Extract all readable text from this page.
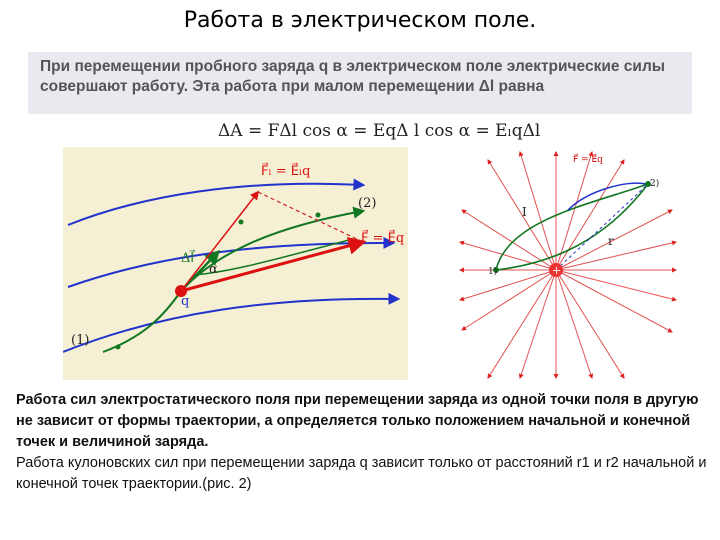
Работа в электрическом поле.
При перемещении пробного заряда q в электрическом поле электрические силы совершают работу. Эта работа при малом перемещении Δl равна
ΔA = FΔl cos α = EqΔ l cos α = EₗqΔl
F⃗ₗ = E⃗ₗq
F⃗ = E⃗q
Δl⃗
α
q
(1)
(2)
+
F⃗ = E⃗q
I
r
1)
2)

Работа сил электростатического поля при перемещении заряда из одной точки поля в другую не зависит от формы траектории, а определяется только положением начальной и конечной точек и величиной заряда.

Работа кулоновских сил при перемещении заряда q зависит только от расстояний r1 и r2 начальной и конечной точек траектории.(рис. 2)
